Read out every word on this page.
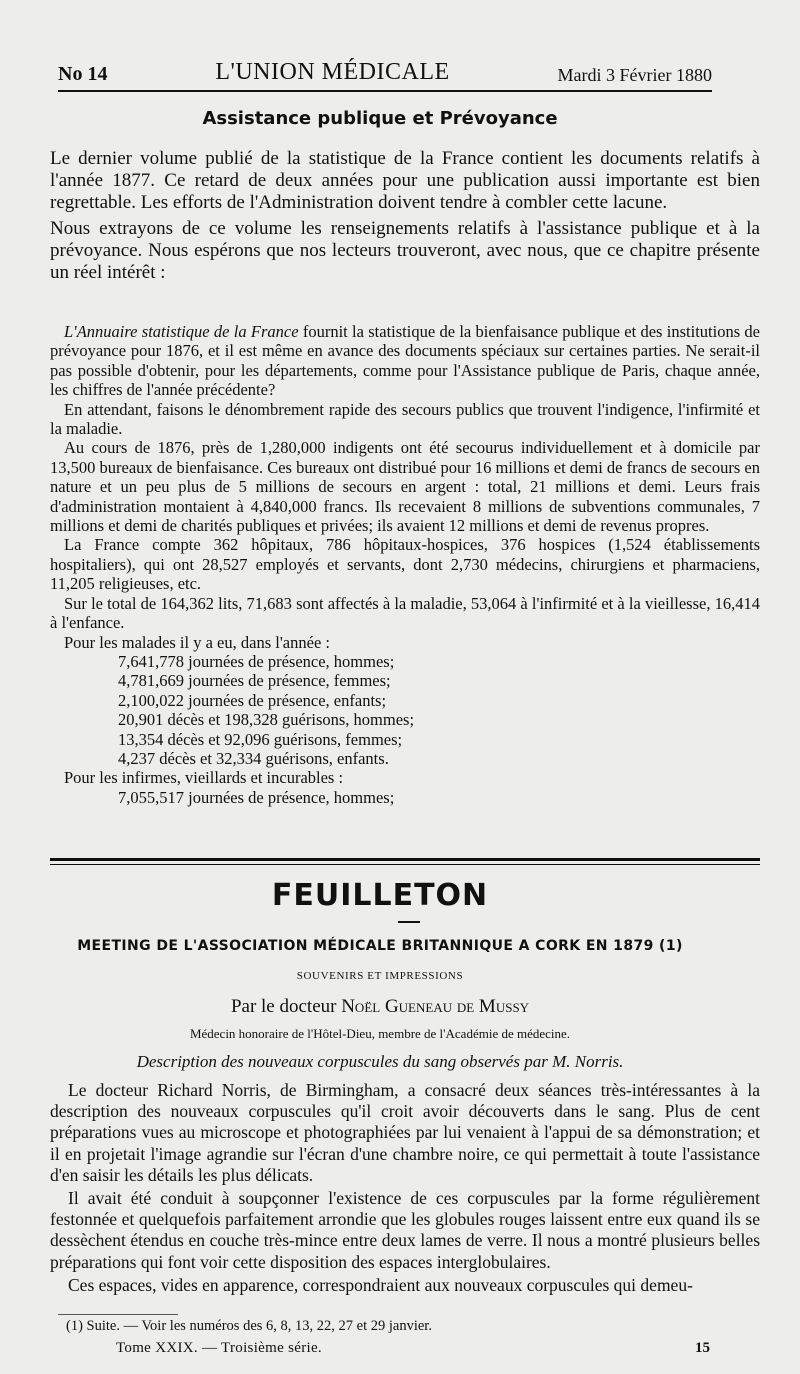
No 14	L'UNION MÉDICALE	Mardi 3 Février 1880
Assistance publique et Prévoyance

Le dernier volume publié de la statistique de la France contient les documents relatifs à l'année 1877. Ce retard de deux années pour une publication aussi importante est bien regrettable. Les efforts de l'Administration doivent tendre à combler cette lacune.

Nous extrayons de ce volume les renseignements relatifs à l'assistance publique et à la prévoyance. Nous espérons que nos lecteurs trouveront, avec nous, que ce chapitre présente un réel intérêt :

L'Annuaire statistique de la France fournit la statistique de la bienfaisance publique et des institutions de prévoyance pour 1876, et il est même en avance des documents spéciaux sur certaines parties. Ne serait-il pas possible d'obtenir, pour les départements, comme pour l'Assistance publique de Paris, chaque année, les chiffres de l'année précédente?

En attendant, faisons le dénombrement rapide des secours publics que trouvent l'indigence, l'infirmité et la maladie.

Au cours de 1876, près de 1,280,000 indigents ont été secourus individuellement et à domicile par 13,500 bureaux de bienfaisance. Ces bureaux ont distribué pour 16 millions et demi de francs de secours en nature et un peu plus de 5 millions de secours en argent : total, 21 millions et demi. Leurs frais d'administration montaient à 4,840,000 francs. Ils recevaient 8 millions de subventions communales, 7 millions et demi de charités publiques et privées; ils avaient 12 millions et demi de revenus propres.

La France compte 362 hôpitaux, 786 hôpitaux-hospices, 376 hospices (1,524 établissements hospitaliers), qui ont 28,527 employés et servants, dont 2,730 médecins, chirurgiens et pharmaciens, 11,205 religieuses, etc.

Sur le total de 164,362 lits, 71,683 sont affectés à la maladie, 53,064 à l'infirmité et à la vieillesse, 16,414 à l'enfance.

Pour les malades il y a eu, dans l'année :

7,641,778 journées de présence, hommes;
4,781,669 journées de présence, femmes;
2,100,022 journées de présence, enfants;
20,901 décès et 198,328 guérisons, hommes;
13,354 décès et 92,096 guérisons, femmes;
4,237 décès et 32,334 guérisons, enfants.

Pour les infirmes, vieillards et incurables :

7,055,517 journées de présence, hommes;
FEUILLETON
MEETING DE L'ASSOCIATION MÉDICALE BRITANNIQUE A CORK EN 1879 (1)
SOUVENIRS ET IMPRESSIONS
Par le docteur Noël Gueneau de Mussy
Médecin honoraire de l'Hôtel-Dieu, membre de l'Académie de médecine.
Description des nouveaux corpuscules du sang observés par M. Norris.

Le docteur Richard Norris, de Birmingham, a consacré deux séances très-intéressantes à la description des nouveaux corpuscules qu'il croit avoir découverts dans le sang. Plus de cent préparations vues au microscope et photographiées par lui venaient à l'appui de sa démonstration; et il en projetait l'image agrandie sur l'écran d'une chambre noire, ce qui permettait à toute l'assistance d'en saisir les détails les plus délicats.

Il avait été conduit à soupçonner l'existence de ces corpuscules par la forme régulièrement festonnée et quelquefois parfaitement arrondie que les globules rouges laissent entre eux quand ils se dessèchent étendus en couche très-mince entre deux lames de verre. Il nous a montré plusieurs belles préparations qui font voir cette disposition des espaces interglobulaires.

Ces espaces, vides en apparence, correspondraient aux nouveaux corpuscules qui demeu-

(1) Suite. — Voir les numéros des 6, 8, 13, 22, 27 et 29 janvier.
Tome XXIX. — Troisième série.	15
